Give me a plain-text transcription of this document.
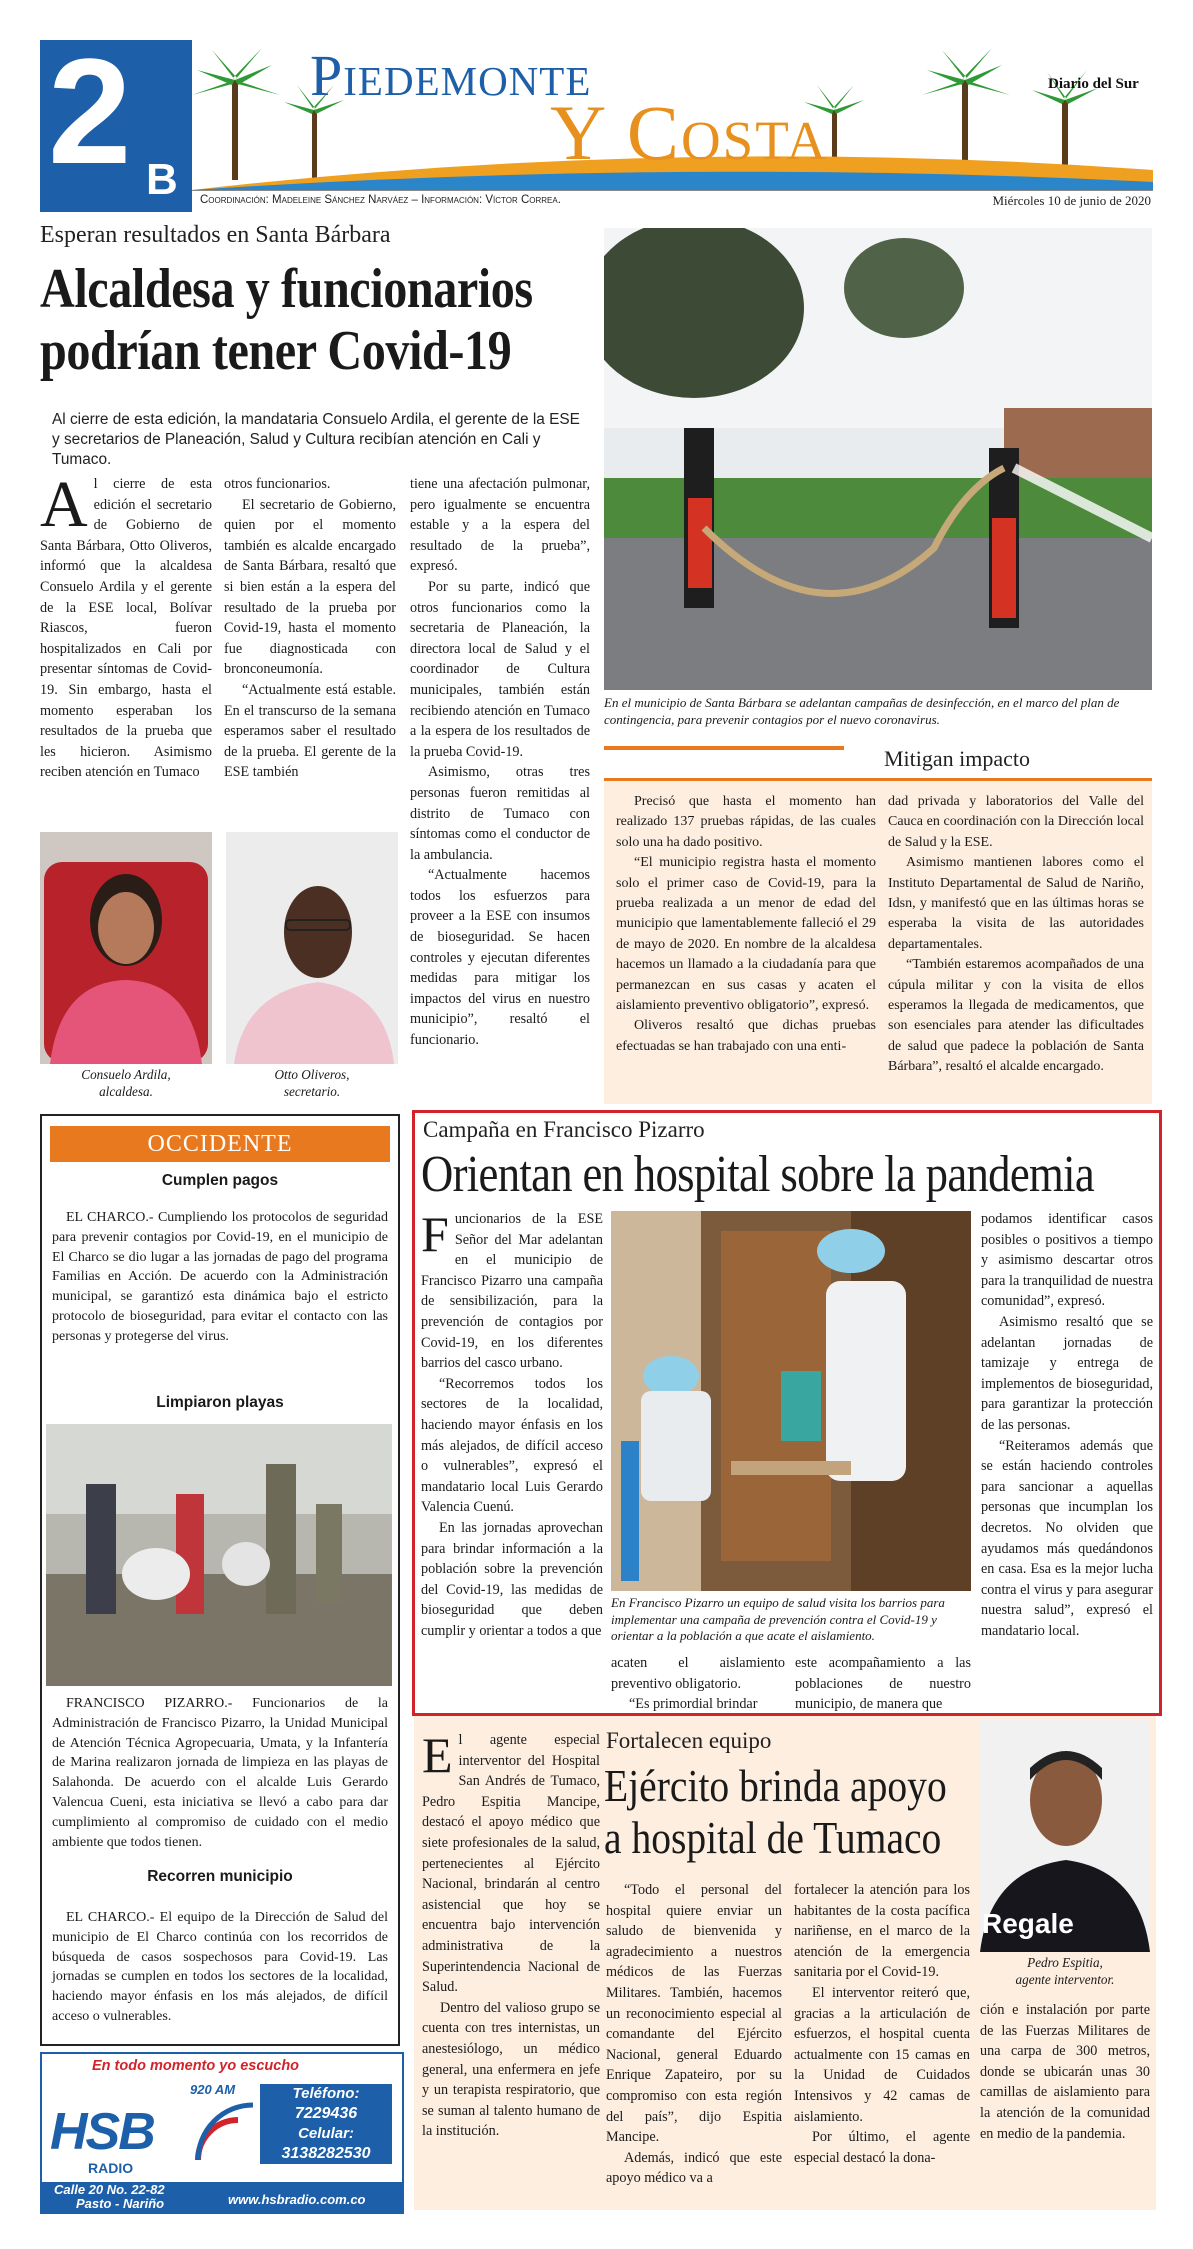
2 B
Piedemonte
Y Costa
Diario del Sur
Coordinación: Madeleine Sánchez Narváez – Información: Víctor Correa.	Miércoles 10 de junio de 2020
Esperan resultados en Santa Bárbara
Alcaldesa y funcionarios
podrían tener Covid-19
Al cierre de esta edición, la mandataria Consuelo Ardila, el gerente de la ESE y secretarios de Planeación, Salud y Cultura recibían atención en Cali y Tumaco.
Al cierre de esta edición el secretario de Gobierno de Santa Bárbara, Otto Oliveros, informó que la alcaldesa Consuelo Ardila y el gerente de la ESE local, Bolívar Riascos, fueron hospitalizados en Cali por presentar síntomas de Covid-19. Sin embargo, hasta el momento esperaban los resultados de la prueba que les hicieron. Asimismo reciben atención en Tumaco

otros funcionarios.

El secretario de Gobierno, quien por el momento también es alcalde encargado de Santa Bárbara, resaltó que si bien están a la espera del resultado de la prueba por Covid-19, hasta el momento fue diagnosticada con bronconeumonía.

“Actualmente está estable. En el transcurso de la semana esperamos saber el resultado de la prueba. El gerente de la ESE también

tiene una afectación pulmonar, pero igualmente se encuentra estable y a la espera del resultado de la prueba”, expresó.

Por su parte, indicó que otros funcionarios como la secretaria de Planeación, la directora local de Salud y el coordinador de Cultura municipales, también están recibiendo atención en Tumaco a la espera de los resultados de la prueba Covid-19.

Asimismo, otras tres personas fueron remitidas al distrito de Tumaco con síntomas como el conductor de la ambulancia.

“Actualmente hacemos todos los esfuerzos para proveer a la ESE con insumos de bioseguridad. Se hacen controles y ejecutan diferentes medidas para mitigar los impactos del virus en nuestro municipio”, resaltó el funcionario.

Consuelo Ardila,
alcaldesa.
Otto Oliveros,
secretario.
En el municipio de Santa Bárbara se adelantan campañas de desinfección, en el marco del plan de contingencia, para prevenir contagios por el nuevo coronavirus.
Mitigan impacto

Precisó que hasta el momento han realizado 137 pruebas rápidas, de las cuales solo una ha dado positivo.

“El municipio registra hasta el momento solo el primer caso de Covid-19, para la prueba realizada a un menor de edad del municipio que lamentablemente falleció el 29 de mayo de 2020. En nombre de la alcaldesa hacemos un llamado a la ciudadanía para que permanezcan en sus casas y acaten el aislamiento preventivo obligatorio”, expresó.

Oliveros resaltó que dichas pruebas efectuadas se han trabajado con una enti-

dad privada y laboratorios del Valle del Cauca en coordinación con la Dirección local de Salud y la ESE.

Asimismo mantienen labores como el Instituto Departamental de Salud de Nariño, Idsn, y manifestó que en las últimas horas se esperaba la visita de las autoridades departamentales.

“También estaremos acompañados de una cúpula militar y con la visita de ellos esperamos la llegada de medicamentos, que son esenciales para atender las dificultades de salud que padece la población de Santa Bárbara”, resaltó el alcalde encargado.

OCCIDENTE
Cumplen pagos
EL CHARCO.- Cumpliendo los protocolos de seguridad para prevenir contagios por Covid-19, en el municipio de El Charco se dio lugar a las jornadas de pago del programa Familias en Acción. De acuerdo con la Administración municipal, se garantizó esta dinámica bajo el estricto protocolo de bioseguridad, para evitar el contacto con las personas y protegerse del virus.
Limpiaron playas
FRANCISCO PIZARRO.- Funcionarios de la Administración de Francisco Pizarro, la Unidad Municipal de Atención Técnica Agropecuaria, Umata, y la Infantería de Marina realizaron jornada de limpieza en las playas de Salahonda. De acuerdo con el alcalde Luis Gerardo Valencua Cueni, esta iniciativa se llevó a cabo para dar cumplimiento al compromiso de cuidado con el medio ambiente que todos tienen.
Recorren municipio
EL CHARCO.- El equipo de la Dirección de Salud del municipio de El Charco continúa con los recorridos de búsqueda de casos sospechosos para Covid-19. Las jornadas se cumplen en todos los sectores de la localidad, haciendo mayor énfasis en los más alejados, de difícil acceso o vulnerables.
En todo momento yo escucho
920 AM
HSB
RADIO
Teléfono:
7229436
Celular:
3138282530
Calle 20 No. 22-82
Pasto - Nariño	www.hsbradio.com.co
Campaña en Francisco Pizarro
Orientan en hospital sobre la pandemia
Funcionarios de la ESE Señor del Mar adelantan en el municipio de Francisco Pizarro una campaña de sensibilización, para la prevención de contagios por Covid-19, en los diferentes barrios del casco urbano.

“Recorremos todos los sectores de la localidad, haciendo mayor énfasis en los más alejados, de difícil acceso o vulnerables”, expresó el mandatario local Luis Gerardo Valencia Cuenú.

En las jornadas aprovechan para brindar información a la población sobre la prevención del Covid-19, las medidas de bioseguridad que deben cumplir y orientar a todos a que

En Francisco Pizarro un equipo de salud visita los barrios para implementar una campaña de prevención contra el Covid-19 y orientar a la población a que acate el aislamiento.

acaten el aislamiento preventivo obligatorio.

“Es primordial brindar

este acompañamiento a las poblaciones de nuestro municipio, de manera que

podamos identificar casos posibles o positivos a tiempo y asimismo descartar otros para la tranquilidad de nuestra comunidad”, expresó.

Asimismo resaltó que se adelantan jornadas de tamizaje y entrega de implementos de bioseguridad, para garantizar la protección de las personas.

“Reiteramos además que se están haciendo controles para sancionar a aquellas personas que incumplan los decretos. No olviden que ayudamos más quedándonos en casa. Esa es la mejor lucha contra el virus y para asegurar nuestra salud”, expresó el mandatario local.

El agente especial interventor del Hospital San Andrés de Tumaco, Pedro Espitia Mancipe, destacó el apoyo médico que siete profesionales de la salud, pertenecientes al Ejército Nacional, brindarán al centro asistencial que hoy se encuentra bajo intervención administrativa de la Superintendencia Nacional de Salud.

Dentro del valioso grupo se cuenta con tres internistas, un anestesiólogo, un médico general, una enfermera en jefe y un terapista respiratorio, que se suman al talento humano de la institución.

Fortalecen equipo
Ejército brinda apoyo
a hospital de Tumaco

“Todo el personal del hospital quiere enviar un saludo de bienvenida y agradecimiento a nuestros médicos de las Fuerzas Militares. También, hacemos un reconocimiento especial al comandante del Ejército Nacional, general Eduardo Enrique Zapateiro, por su compromiso con esta región del país”, dijo Espitia Mancipe.

Además, indicó que este apoyo médico va a

fortalecer la atención para los habitantes de la costa pacífica nariñense, en el marco de la atención de la emergencia sanitaria por el Covid-19.

El interventor reiteró que, gracias a la articulación de esfuerzos, el hospital cuenta actualmente con 15 camas en la Unidad de Cuidados Intensivos y 42 camas de aislamiento.

Por último, el agente especial destacó la dona-

Regale
Pedro Espitia,
agente interventor.
ción e instalación por parte de las Fuerzas Militares de una carpa de 300 metros, donde se ubicarán unas 30 camillas de aislamiento para la atención de la comunidad en medio de la pandemia.
